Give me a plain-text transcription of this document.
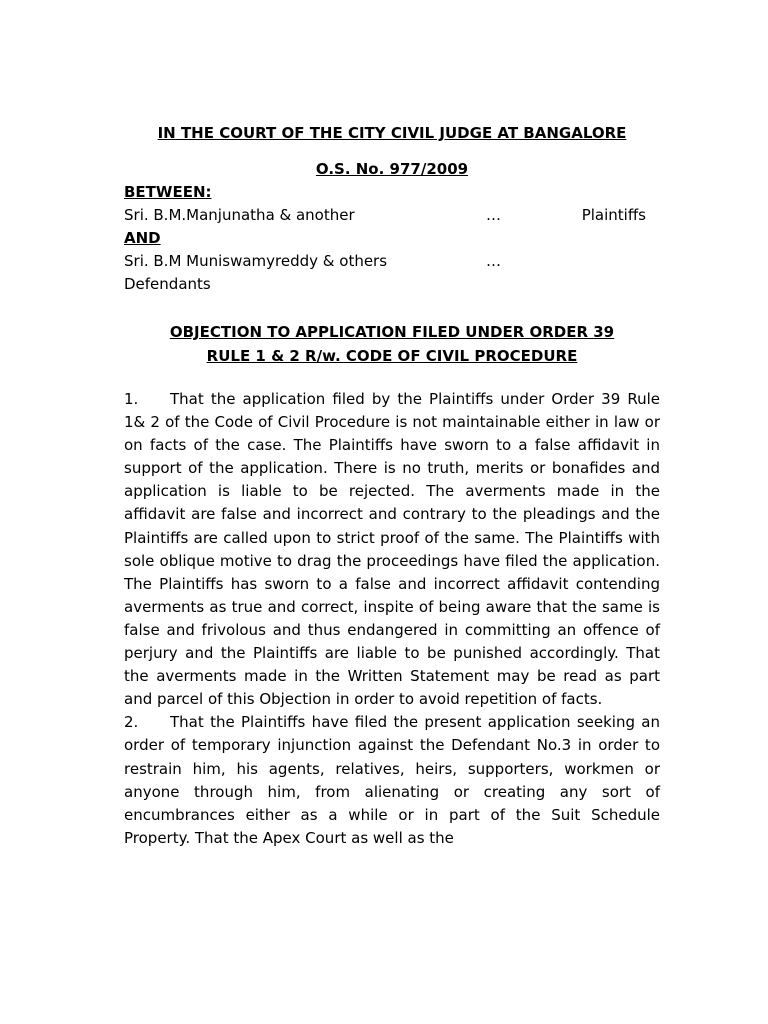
IN THE COURT OF THE CITY CIVIL JUDGE AT BANGALORE
O.S. No. 977/2009
BETWEEN:
Sri. B.M.Manjunatha & another	…	Plaintiffs
AND
Sri. B.M Muniswamyreddy & others	…
Defendants
OBJECTION TO APPLICATION FILED UNDER ORDER 39
RULE 1 & 2 R/w. CODE OF CIVIL PROCEDURE

1. That the application filed by the Plaintiffs under Order 39 Rule 1& 2 of the Code of Civil Procedure is not maintainable either in law or on facts of the case. The Plaintiffs have sworn to a false affidavit in support of the application. There is no truth, merits or bonafides and application is liable to be rejected. The averments made in the affidavit are false and incorrect and contrary to the pleadings and the Plaintiffs are called upon to strict proof of the same. The Plaintiffs with sole oblique motive to drag the proceedings have filed the application. The Plaintiffs has sworn to a false and incorrect affidavit contending averments as true and correct, inspite of being aware that the same is false and frivolous and thus endangered in committing an offence of perjury and the Plaintiffs are liable to be punished accordingly. That the averments made in the Written Statement may be read as part and parcel of this Objection in order to avoid repetition of facts.

2. That the Plaintiffs have filed the present application seeking an order of temporary injunction against the Defendant No.3 in order to restrain him, his agents, relatives, heirs, supporters, workmen or anyone through him, from alienating or creating any sort of encumbrances either as a while or in part of the Suit Schedule Property. That the Apex Court as well as the
